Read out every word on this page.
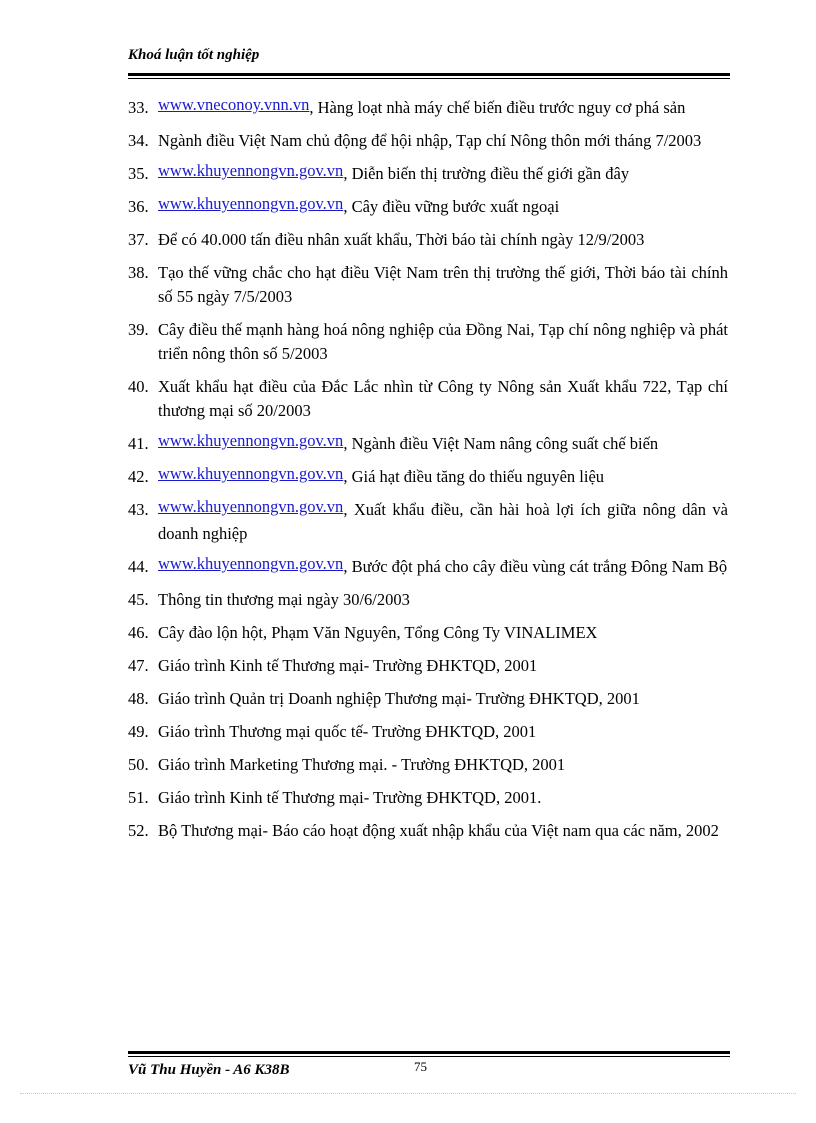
Khoá luận tốt nghiệp
33. www.vneconoy.vnn.vn, Hàng loạt nhà máy chế biến điều trước nguy cơ phá sản
34. Ngành điều Việt Nam chủ động để hội nhập, Tạp chí Nông thôn mới tháng 7/2003
35. www.khuyennongvn.gov.vn, Diễn biến thị trường điều thế giới gần đây
36. www.khuyennongvn.gov.vn, Cây điều vững bước xuất ngoại
37. Để có 40.000 tấn điều nhân xuất khẩu, Thời báo tài chính ngày 12/9/2003
38. Tạo thế vững chắc cho hạt điều Việt Nam trên thị trường thế giới, Thời báo tài chính số 55 ngày 7/5/2003
39. Cây điều thế mạnh hàng hoá nông nghiệp của Đồng Nai, Tạp chí nông nghiệp và phát triển nông thôn số 5/2003
40. Xuất khẩu hạt điều của Đắc Lắc nhìn từ Công ty Nông sản Xuất khẩu 722, Tạp chí thương mại số 20/2003
41. www.khuyennongvn.gov.vn, Ngành điều Việt Nam nâng công suất chế biến
42. www.khuyennongvn.gov.vn, Giá hạt điều tăng do thiếu nguyên liệu
43. www.khuyennongvn.gov.vn, Xuất khẩu điều, cần hài hoà lợi ích giữa nông dân và doanh nghiệp
44. www.khuyennongvn.gov.vn, Bước đột phá cho cây điều vùng cát trắng Đông Nam Bộ
45. Thông tin thương mại ngày 30/6/2003
46. Cây đào lộn hột, Phạm Văn Nguyên, Tổng Công Ty VINALIMEX
47. Giáo trình Kinh tế Thương mại- Trường ĐHKTQD, 2001
48. Giáo trình Quản trị Doanh nghiệp Thương mại- Trường ĐHKTQD, 2001
49. Giáo trình Thương mại quốc tế- Trường ĐHKTQD, 2001
50. Giáo trình Marketing Thương mại. - Trường ĐHKTQD, 2001
51. Giáo trình Kinh tế Thương mại- Trường ĐHKTQD, 2001.
52. Bộ Thương mại- Báo cáo hoạt động xuất nhập khẩu của Việt nam qua các năm, 2002
Vũ Thu Huyền - A6 K38B	75
